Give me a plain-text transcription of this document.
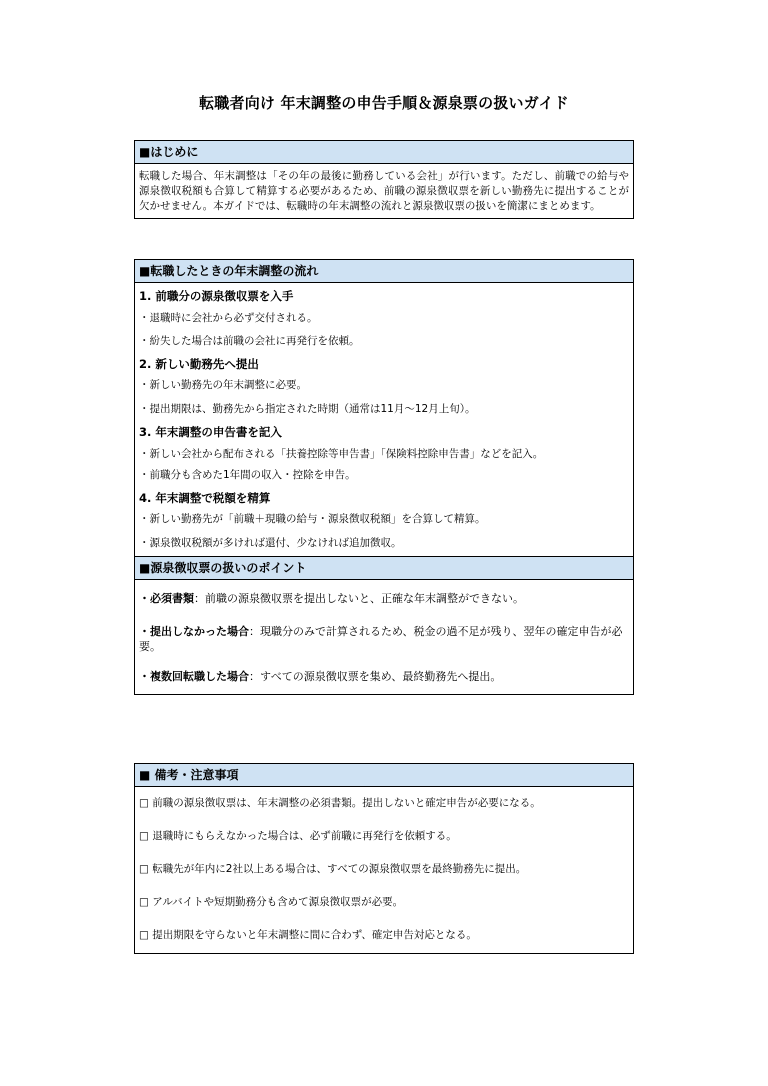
転職者向け 年末調整の申告手順＆源泉票の扱いガイド
■はじめに
転職した場合、年末調整は「その年の最後に勤務している会社」が行います。ただし、前職での給与や源泉徴収税額も合算して精算する必要があるため、前職の源泉徴収票を新しい勤務先に提出することが欠かせません。本ガイドでは、転職時の年末調整の流れと源泉徴収票の扱いを簡潔にまとめます。
■転職したときの年末調整の流れ
1. 前職分の源泉徴収票を入手
・退職時に会社から必ず交付される。
・紛失した場合は前職の会社に再発行を依頼。
2. 新しい勤務先へ提出
・新しい勤務先の年末調整に必要。
・提出期限は、勤務先から指定された時期（通常は11月〜12月上旬）。
3. 年末調整の申告書を記入
・新しい会社から配布される「扶養控除等申告書」「保険料控除申告書」などを記入。
・前職分も含めた1年間の収入・控除を申告。
4. 年末調整で税額を精算
・新しい勤務先が「前職＋現職の給与・源泉徴収税額」を合算して精算。
・源泉徴収税額が多ければ還付、少なければ追加徴収。
■源泉徴収票の扱いのポイント
・必須書類：前職の源泉徴収票を提出しないと、正確な年末調整ができない。
・提出しなかった場合：現職分のみで計算されるため、税金の過不足が残り、翌年の確定申告が必要。
・複数回転職した場合：すべての源泉徴収票を集め、最終勤務先へ提出。
■ 備考・注意事項
□ 前職の源泉徴収票は、年末調整の必須書類。提出しないと確定申告が必要になる。
□ 退職時にもらえなかった場合は、必ず前職に再発行を依頼する。
□ 転職先が年内に2社以上ある場合は、すべての源泉徴収票を最終勤務先に提出。
□ アルバイトや短期勤務分も含めて源泉徴収票が必要。
□ 提出期限を守らないと年末調整に間に合わず、確定申告対応となる。
